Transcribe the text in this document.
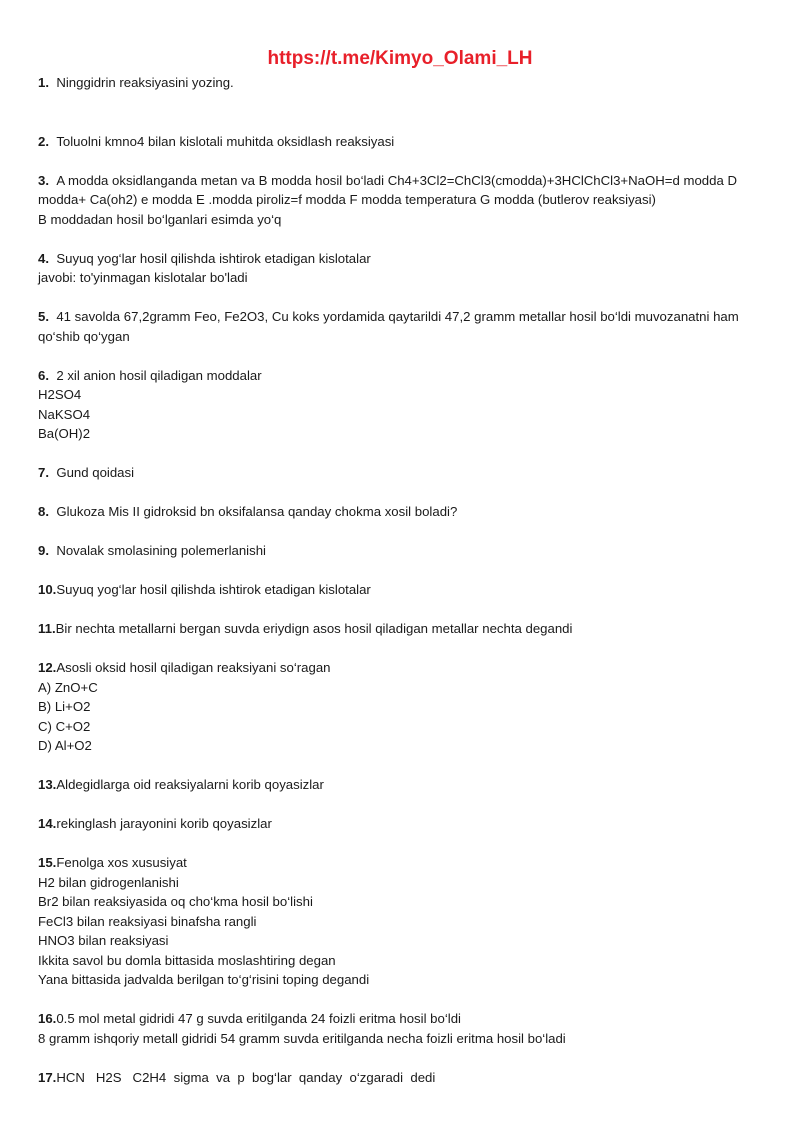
https://t.me/Kimyo_Olami_LH
1. Ninggidrin reaksiyasini yozing.
2. Toluolni kmno4 bilan kislotali muhitda oksidlash reaksiyasi
3. A modda oksidlanganda metan va B modda hosil bo‘ladi Ch4+3Cl2=ChCl3(cmodda)+3HClChCl3+NaOH=d modda D modda+ Ca(oh2) e modda E .modda piroliz=f modda F modda temperatura G modda (butlerov reaksiyasi)
B moddadan hosil bo‘lganlari esimda yo‘q
4. Suyuq yog‘lar hosil qilishda ishtirok etadigan kislotalar
javobi: to'yinmagan kislotalar bo'ladi
5. 41 savolda 67,2gramm Feo, Fe2O3, Cu koks yordamida qaytarildi 47,2 gramm metallar hosil bo‘ldi muvozanatni ham qo‘shib qo‘ygan
6. 2 xil anion hosil qiladigan moddalar
H2SO4
NaKSO4
Ba(OH)2
7. Gund qoidasi
8. Glukoza Mis II gidroksid bn oksifalansa qanday chokma xosil boladi?
9. Novalak smolasining polemerlanishi
10.Suyuq yog‘lar hosil qilishda ishtirok etadigan kislotalar
11.Bir nechta metallarni bergan suvda eriydign asos hosil qiladigan metallar nechta degandi
12.Asosli oksid hosil qiladigan reaksiyani so‘ragan
A) ZnO+C
B) Li+O2
C) C+O2
D) Al+O2
13.Aldegidlarga oid reaksiyalarni korib qoyasizlar
14.rekinglash jarayonini korib qoyasizlar
15.Fenolga xos xususiyat
H2 bilan gidrogenlanishi
Br2 bilan reaksiyasida oq cho‘kma hosil bo‘lishi
FeCl3 bilan reaksiyasi binafsha rangli
HNO3 bilan reaksiyasi
Ikkita savol bu domla bittasida moslashtiring degan
Yana bittasida jadvalda berilgan to‘g‘risini toping degandi
16.0.5 mol metal gidridi 47 g suvda eritilganda 24 foizli eritma hosil bo‘ldi
8 gramm ishqoriy metall gidridi 54 gramm suvda eritilganda necha foizli eritma hosil bo‘ladi
17.HCN   H2S   C2H4  sigma  va  p  bog‘lar  qanday  o‘zgaradi  dedi
